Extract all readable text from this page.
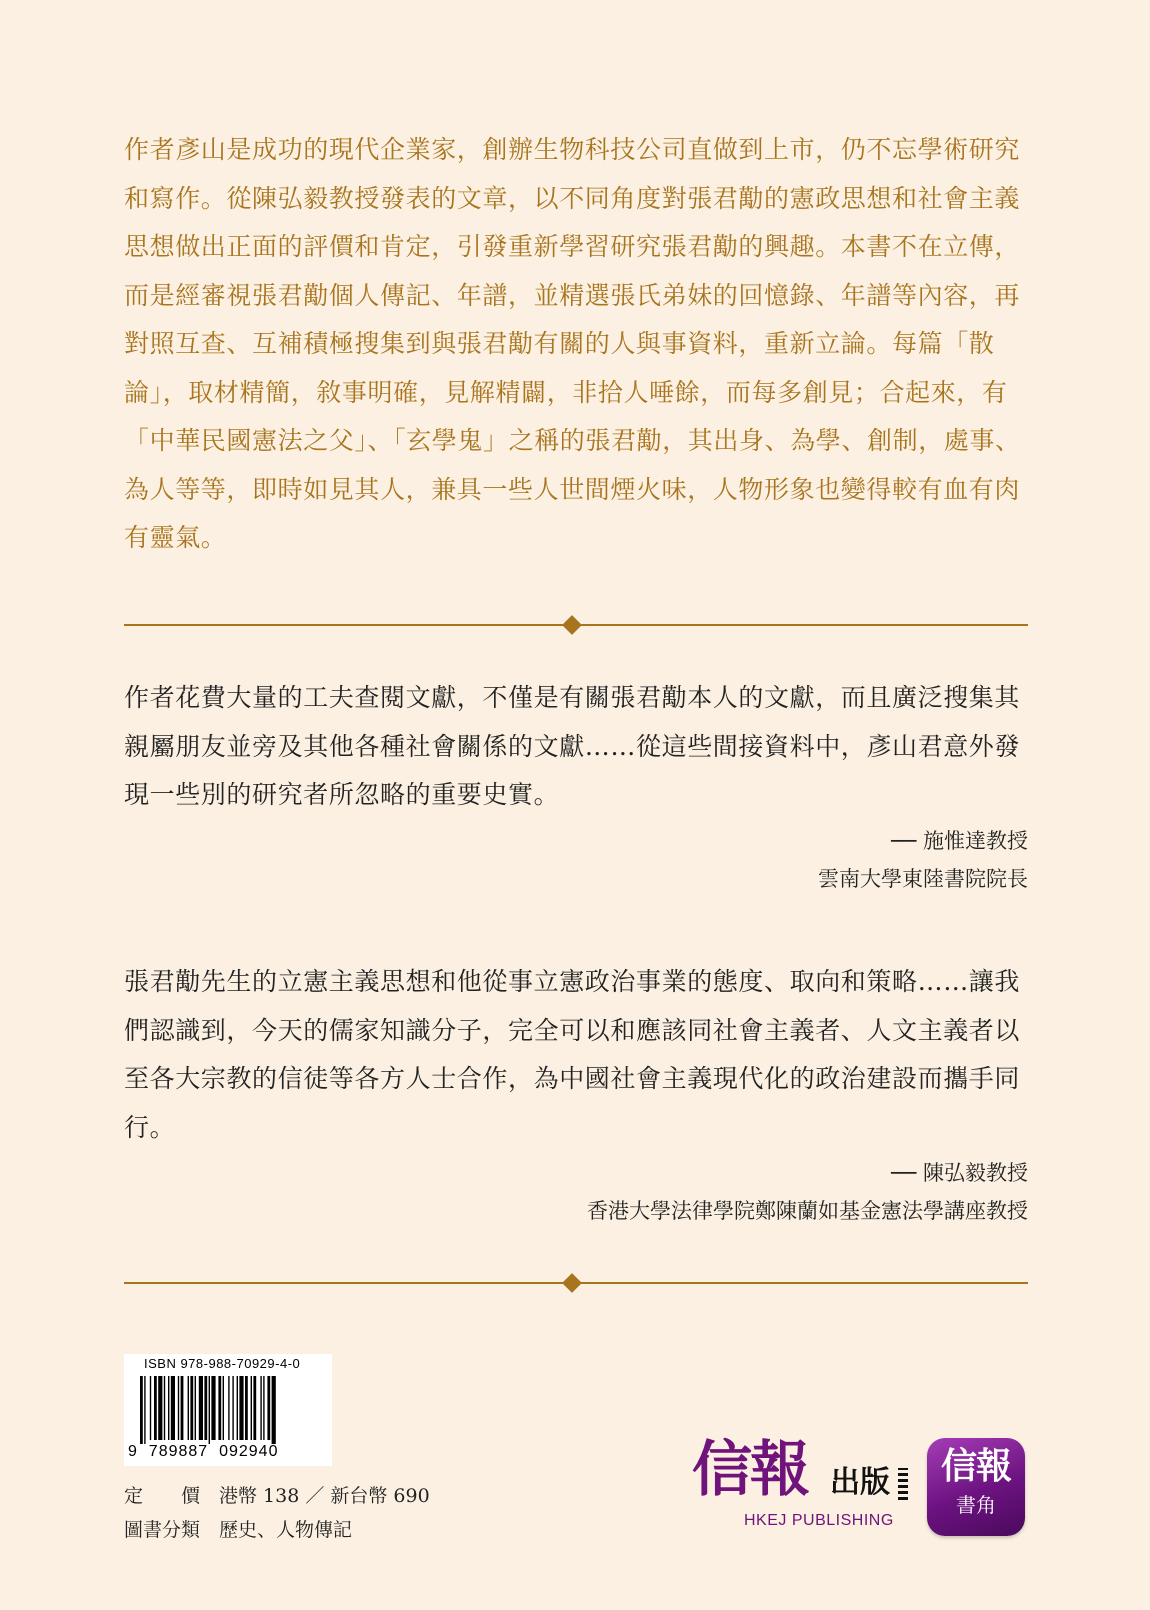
作者彥山是成功的現代企業家，創辦生物科技公司直做到上市，仍不忘學術研究和寫作。從陳弘毅教授發表的文章，以不同角度對張君勱的憲政思想和社會主義思想做出正面的評價和肯定，引發重新學習研究張君勱的興趣。本書不在立傳，而是經審視張君勱個人傳記、年譜，並精選張氏弟妹的回憶錄、年譜等內容，再對照互查、互補積極搜集到與張君勱有關的人與事資料，重新立論。每篇「散論」，取材精簡，敘事明確，見解精闢，非拾人唾餘，而每多創見；合起來，有「中華民國憲法之父」、「玄學鬼」之稱的張君勱，其出身、為學、創制，處事、為人等等，即時如見其人，兼具一些人世間煙火味，人物形象也變得較有血有肉有靈氣。
作者花費大量的工夫查閱文獻，不僅是有關張君勱本人的文獻，而且廣泛搜集其親屬朋友並旁及其他各種社會關係的文獻……從這些間接資料中，彥山君意外發現一些別的研究者所忽略的重要史實。
── 施惟達教授
雲南大學東陸書院院長
張君勱先生的立憲主義思想和他從事立憲政治事業的態度、取向和策略……讓我們認識到，今天的儒家知識分子，完全可以和應該同社會主義者、人文主義者以至各大宗教的信徒等各方人士合作，為中國社會主義現代化的政治建設而攜手同行。
── 陳弘毅教授
香港大學法律學院鄭陳蘭如基金憲法學講座教授
ISBN 978-988-70929-4-0
9  789887  092940
定　　價　港幣 138 ／ 新台幣 690
圖書分類　歷史、人物傳記
信報 出版
HKEJ PUBLISHING
信報
書角
